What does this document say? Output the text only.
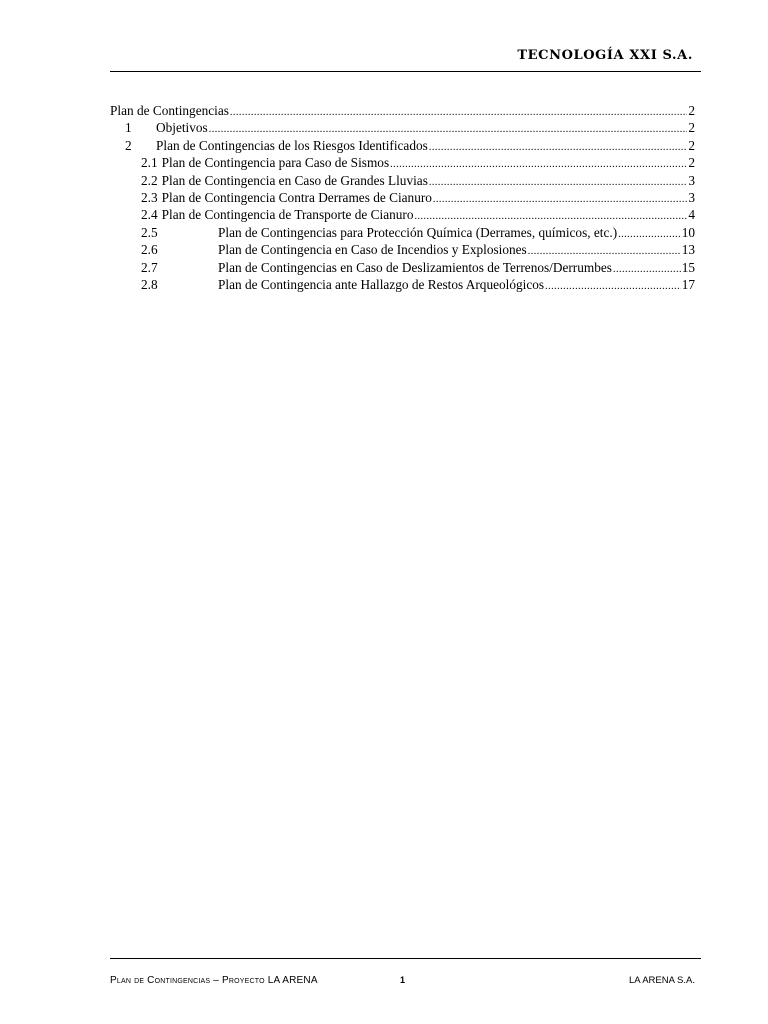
TECNOLOGÍA XXI S.A.
Plan de Contingencias .....	2
1	Objetivos .....	2
2	Plan de Contingencias de los Riesgos Identificados .....	2
2.1 Plan de Contingencia para Caso de Sismos .....	2
2.2 Plan de Contingencia en Caso de Grandes Lluvias .....	3
2.3 Plan de Contingencia Contra Derrames de Cianuro .....	3
2.4 Plan de Contingencia de Transporte de Cianuro .....	4
2.5	Plan de Contingencias para Protección Química (Derrames, químicos, etc.) .....	10
2.6	Plan de Contingencia en Caso de Incendios y Explosiones .....	13
2.7	Plan de Contingencias en Caso de Deslizamientos de Terrenos/Derrumbes .....	15
2.8	Plan de Contingencia ante Hallazgo de Restos Arqueológicos .....	17
Plan de Contingencias – Proyecto LA ARENA	1	LA ARENA S.A.
